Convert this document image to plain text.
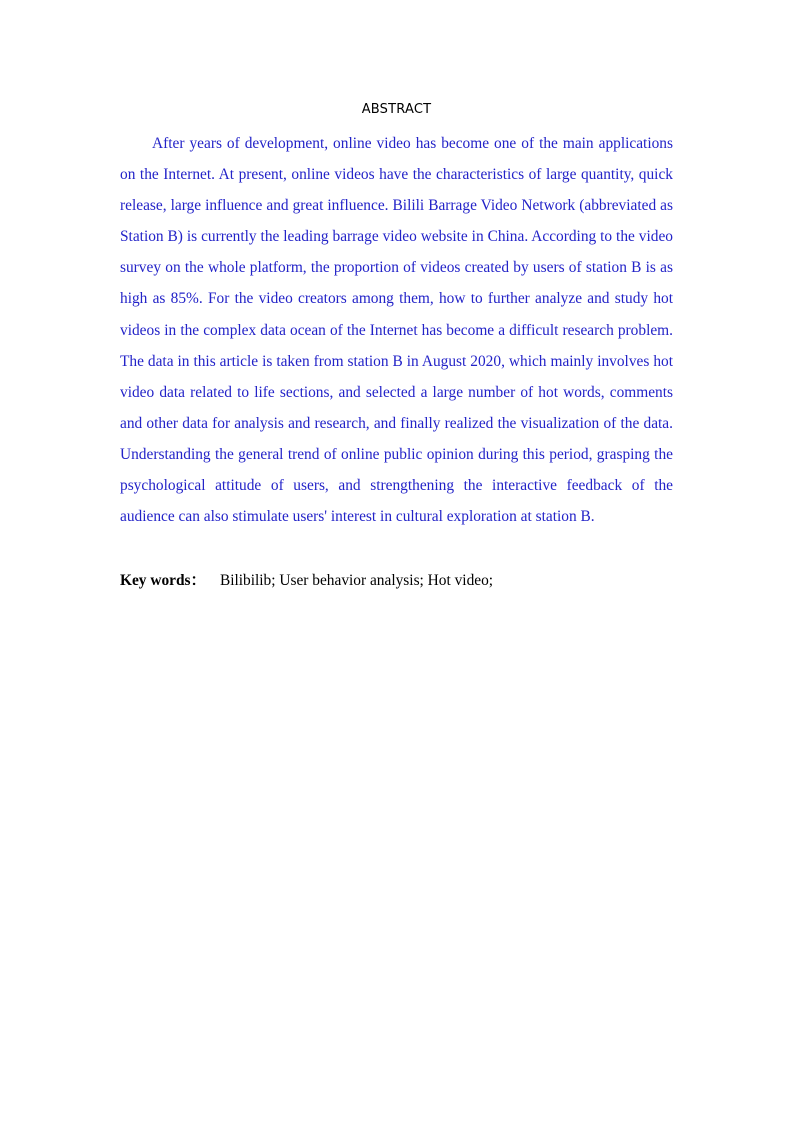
ABSTRACT

After years of development, online video has become one of the main applications on the Internet. At present, online videos have the characteristics of large quantity, quick release, large influence and great influence. Bilili Barrage Video Network (abbreviated as Station B) is currently the leading barrage video website in China. According to the video survey on the whole platform, the proportion of videos created by users of station B is as high as 85%. For the video creators among them, how to further analyze and study hot videos in the complex data ocean of the Internet has become a difficult research problem. The data in this article is taken from station B in August 2020, which mainly involves hot video data related to life sections, and selected a large number of hot words, comments and other data for analysis and research, and finally realized the visualization of the data. Understanding the general trend of online public opinion during this period, grasping the psychological attitude of users, and strengthening the interactive feedback of the audience can also stimulate users' interest in cultural exploration at station B.

Key words： Bilibilib; User behavior analysis; Hot video;
